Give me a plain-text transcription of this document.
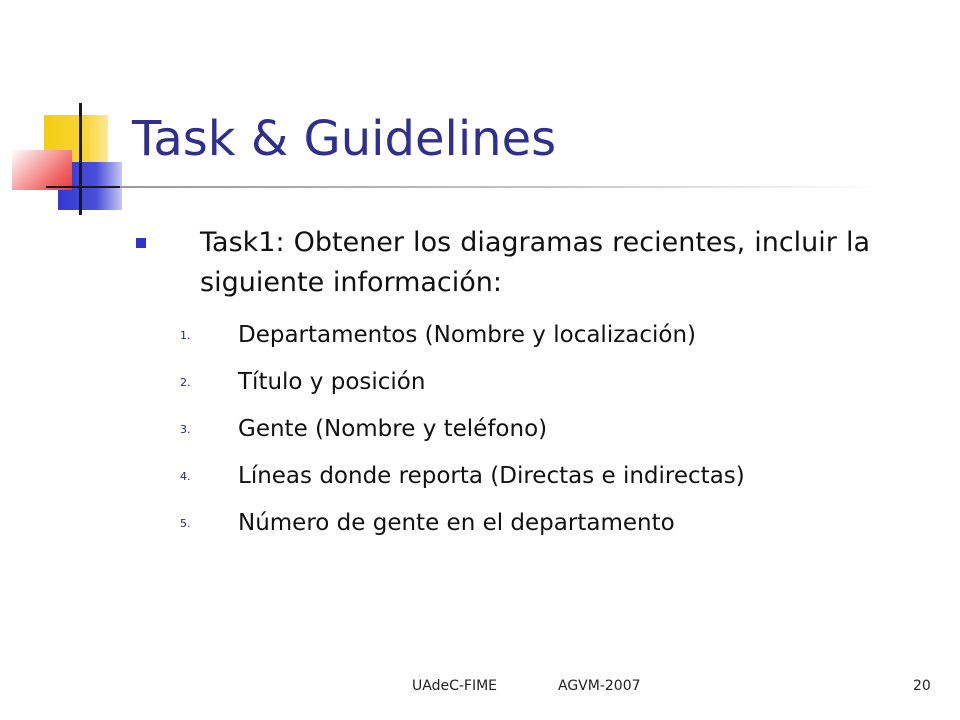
Task & Guidelines
Task1: Obtener los diagramas recientes, incluir la siguiente información:
1. Departamentos (Nombre y localización)
2. Título y posición
3. Gente (Nombre y teléfono)
4. Líneas donde reporta (Directas e indirectas)
5. Número de gente en el departamento
UAdeC-FIME	AGVM-2007	20
